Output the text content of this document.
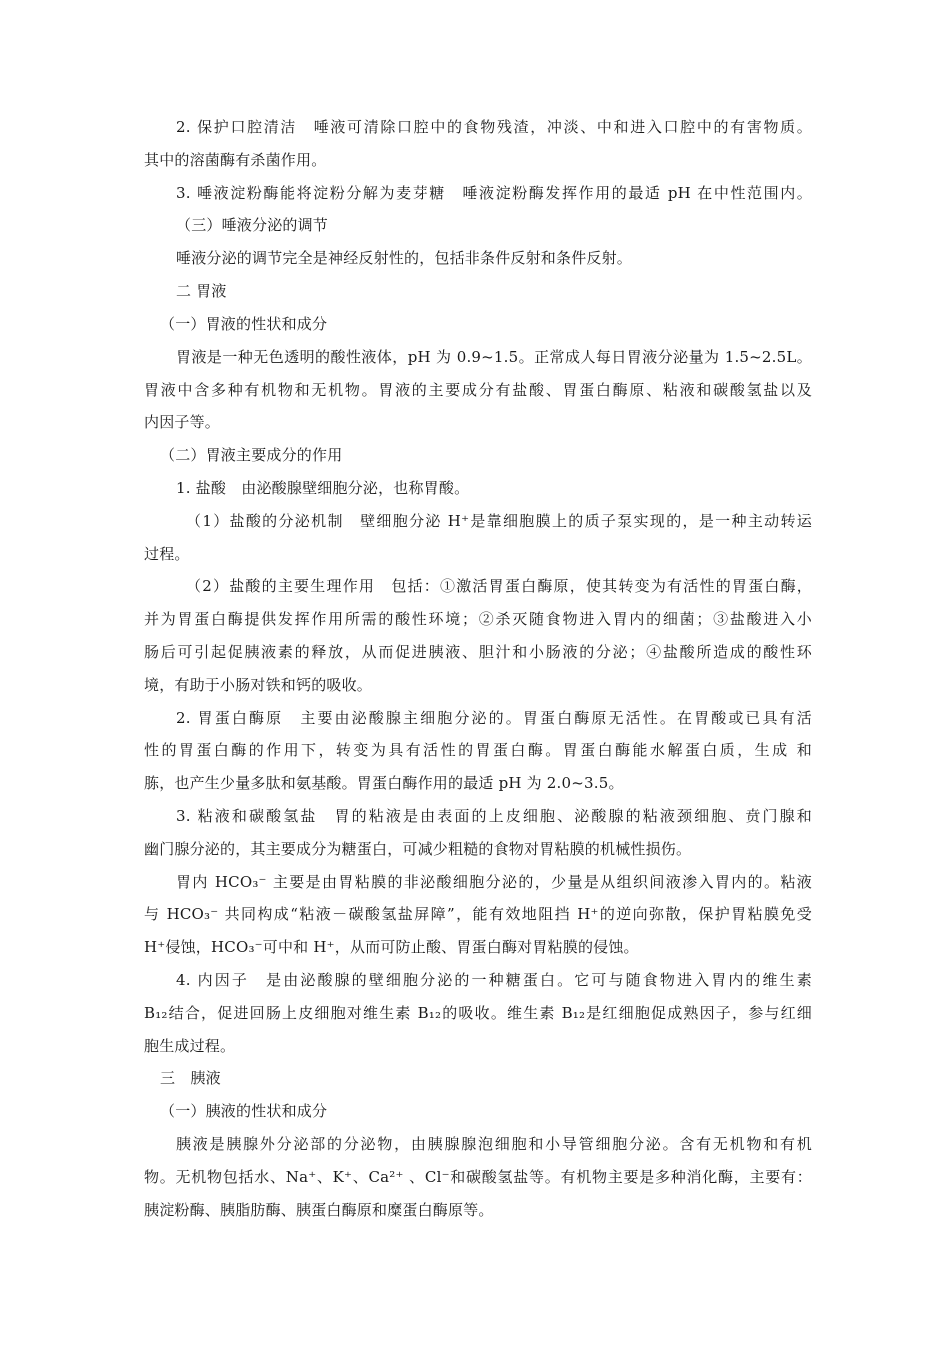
2. 保护口腔清洁　唾液可清除口腔中的食物残渣，冲淡、中和进入口腔中的有害物质。
其中的溶菌酶有杀菌作用。
3. 唾液淀粉酶能将淀粉分解为麦芽糖　唾液淀粉酶发挥作用的最适 pH 在中性范围内。
（三）唾液分泌的调节
唾液分泌的调节完全是神经反射性的，包括非条件反射和条件反射。
二 胃液
（一）胃液的性状和成分
胃液是一种无色透明的酸性液体，pH 为 0.9~1.5。正常成人每日胃液分泌量为 1.5~2.5L。
胃液中含多种有机物和无机物。胃液的主要成分有盐酸、胃蛋白酶原、粘液和碳酸氢盐以及
内因子等。
（二）胃液主要成分的作用
1. 盐酸　由泌酸腺壁细胞分泌，也称胃酸。
（1）盐酸的分泌机制　壁细胞分泌 H⁺是靠细胞膜上的质子泵实现的，是一种主动转运
过程。
（2）盐酸的主要生理作用　包括：①激活胃蛋白酶原，使其转变为有活性的胃蛋白酶，
并为胃蛋白酶提供发挥作用所需的酸性环境；②杀灭随食物进入胃内的细菌；③盐酸进入小
肠后可引起促胰液素的释放，从而促进胰液、胆汁和小肠液的分泌；④盐酸所造成的酸性环
境，有助于小肠对铁和钙的吸收。
2. 胃蛋白酶原　主要由泌酸腺主细胞分泌的。胃蛋白酶原无活性。在胃酸或已具有活
性的胃蛋白酶的作用下，转变为具有活性的胃蛋白酶。胃蛋白酶能水解蛋白质，生成 和
胨，也产生少量多肽和氨基酸。胃蛋白酶作用的最适 pH 为 2.0~3.5。
3. 粘液和碳酸氢盐　胃的粘液是由表面的上皮细胞、泌酸腺的粘液颈细胞、贲门腺和
幽门腺分泌的，其主要成分为糖蛋白，可减少粗糙的食物对胃粘膜的机械性损伤。
胃内 HCO₃⁻ 主要是由胃粘膜的非泌酸细胞分泌的，少量是从组织间液渗入胃内的。粘液
与 HCO₃⁻ 共同构成“粘液－碳酸氢盐屏障”，能有效地阻挡 H⁺的逆向弥散，保护胃粘膜免受
H⁺侵蚀，HCO₃⁻可中和 H⁺，从而可防止酸、胃蛋白酶对胃粘膜的侵蚀。
4. 内因子　是由泌酸腺的壁细胞分泌的一种糖蛋白。它可与随食物进入胃内的维生素
B₁₂结合，促进回肠上皮细胞对维生素 B₁₂的吸收。维生素 B₁₂是红细胞促成熟因子，参与红细
胞生成过程。
三　胰液
（一）胰液的性状和成分
胰液是胰腺外分泌部的分泌物，由胰腺腺泡细胞和小导管细胞分泌。含有无机物和有机
物。无机物包括水、Na⁺、K⁺、Ca²⁺ 、Cl⁻和碳酸氢盐等。有机物主要是多种消化酶，主要有：
胰淀粉酶、胰脂肪酶、胰蛋白酶原和糜蛋白酶原等。
